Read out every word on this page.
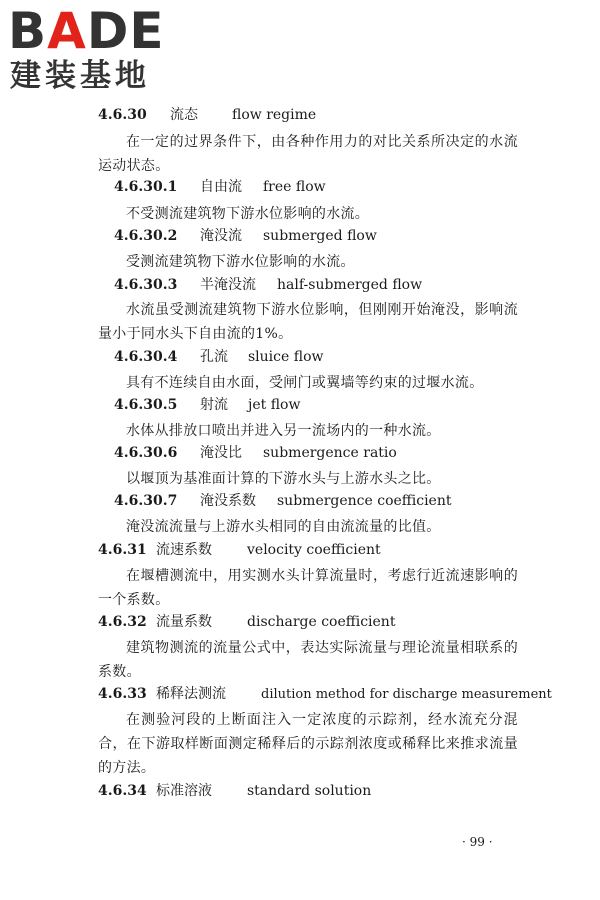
BADE
建装基地
4.6.30 流态 flow regime
在一定的过界条件下，由各种作用力的对比关系所决定的水流运动状态。
4.6.30.1 自由流 free flow
不受测流建筑物下游水位影响的水流。
4.6.30.2 淹没流 submerged flow
受测流建筑物下游水位影响的水流。
4.6.30.3 半淹没流 half-submerged flow
水流虽受测流建筑物下游水位影响，但刚刚开始淹没，影响流量小于同水头下自由流的1%。
4.6.30.4 孔流 sluice flow
具有不连续自由水面，受闸门或翼墙等约束的过堰水流。
4.6.30.5 射流 jet flow
水体从排放口喷出并进入另一流场内的一种水流。
4.6.30.6 淹没比 submergence ratio
以堰顶为基准面计算的下游水头与上游水头之比。
4.6.30.7 淹没系数 submergence coefficient
淹没流流量与上游水头相同的自由流流量的比值。
4.6.31 流速系数	velocity coefficient
在堰槽测流中，用实测水头计算流量时，考虑行近流速影响的一个系数。
4.6.32 流量系数	discharge coefficient
建筑物测流的流量公式中，表达实际流量与理论流量相联系的系数。
4.6.33 稀释法测流	dilution method for discharge measurement
在测验河段的上断面注入一定浓度的示踪剂，经水流充分混合，在下游取样断面测定稀释后的示踪剂浓度或稀释比来推求流量的方法。
4.6.34 标准溶液	standard solution
· 99 ·
